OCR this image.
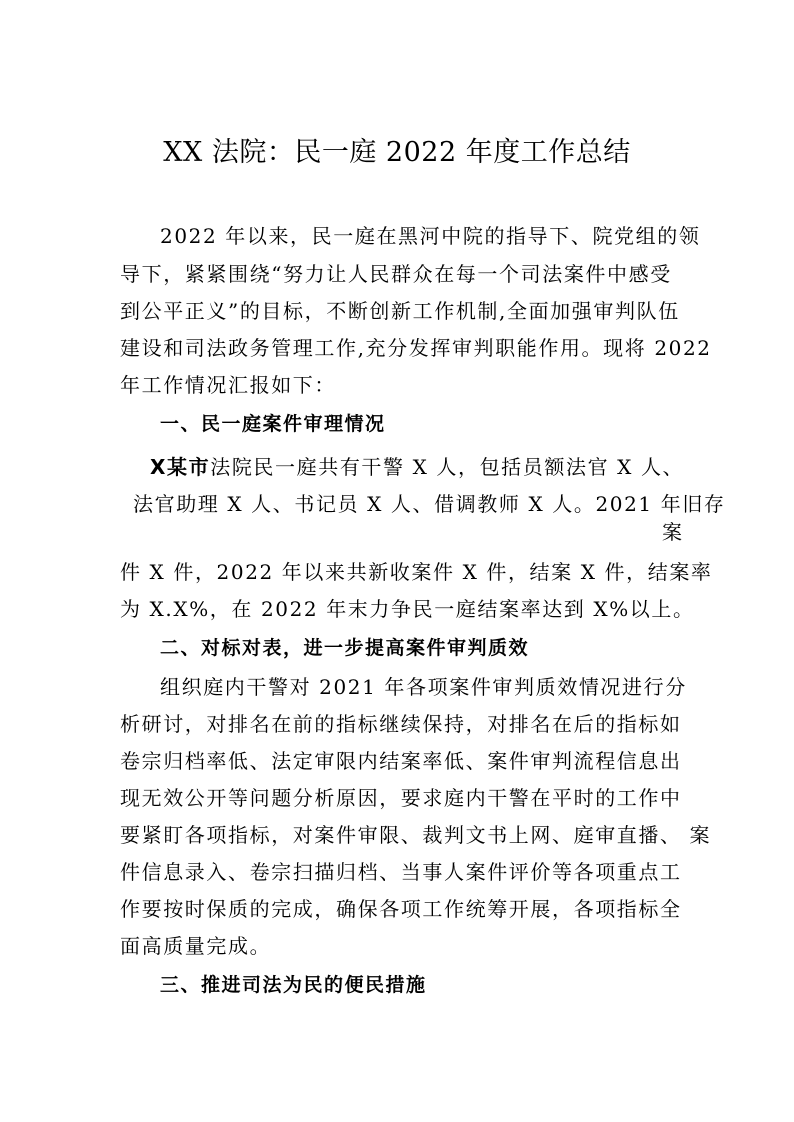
XX 法院：民一庭 2022 年度工作总结
2022 年以来，民一庭在黑河中院的指导下、院党组的领
导下，紧紧围绕“努力让人民群众在每一个司法案件中感受
到公平正义”的目标，不断创新工作机制,全面加强审判队伍
建设和司法政务管理工作,充分发挥审判职能作用。现将 2022
年工作情况汇报如下：
一、民一庭案件审理情况
X某市法院民一庭共有干警 X 人，包括员额法官 X 人、
法官助理 X 人、书记员 X 人、借调教师 X 人。2021 年旧存
案
件 X 件，2022 年以来共新收案件 X 件，结案 X 件，结案率
为 X.X%，在 2022 年末力争民一庭结案率达到 X%以上。
二、对标对表，进一步提高案件审判质效
组织庭内干警对 2021 年各项案件审判质效情况进行分
析研讨，对排名在前的指标继续保持，对排名在后的指标如
卷宗归档率低、法定审限内结案率低、案件审判流程信息出
现无效公开等问题分析原因，要求庭内干警在平时的工作中
要紧盯各项指标，对案件审限、裁判文书上网、庭审直播、 案
件信息录入、卷宗扫描归档、当事人案件评价等各项重点工
作要按时保质的完成，确保各项工作统筹开展，各项指标全
面高质量完成。
三、推进司法为民的便民措施
